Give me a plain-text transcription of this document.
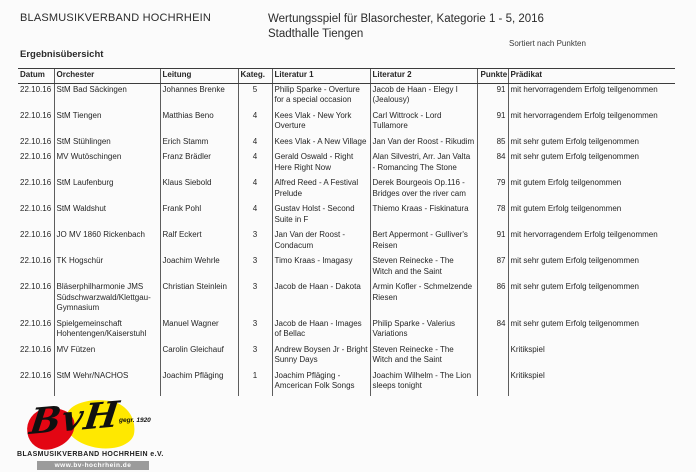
BLASMUSIKVERBAND HOCHRHEIN	Wertungsspiel für Blasorchester, Kategorie 1 - 5, 2016
Stadthalle Tiengen
Sortiert nach Punkten
Ergebnisübersicht
Datum	Orchester	Leitung	Kateg.	Literatur 1	Literatur 2	Punkte	Prädikat
22.10.16	StM Bad Säckingen	Johannes Brenke	5	Philip Sparke - Overture for a special occasion	Jacob de Haan - Elegy I (Jealousy)	91	mit hervorragendem Erfolg teilgenommen
22.10.16	StM Tiengen	Matthias Beno	4	Kees Vlak - New York Overture	Carl Wittrock - Lord Tullamore	91	mit hervorragendem Erfolg teilgenommen
22.10.16	StM Stühlingen	Erich Stamm	4	Kees Vlak - A New Village	Jan Van der Roost - Rikudim	85	mit sehr gutem Erfolg teilgenommen
22.10.16	MV Wutöschingen	Franz Brädler	4	Gerald Oswald - Right Here Right Now	Alan Silvestri, Arr. Jan Valta - Romancing The Stone	84	mit sehr gutem Erfolg teilgenommen
22.10.16	StM Laufenburg	Klaus Siebold	4	Alfred Reed - A Festival Prelude	Derek Bourgeois Op.116 - Bridges over the river cam	79	mit gutem Erfolg teilgenommen
22.10.16	StM Waldshut	Frank Pohl	4	Gustav Holst - Second Suite in F	Thiemo Kraas - Fiskinatura	78	mit gutem Erfolg teilgenommen
22.10.16	JO MV 1860 Rickenbach	Ralf Eckert	3	Jan Van der Roost - Condacum	Bert Appermont - Gulliver's Reisen	91	mit hervorragendem Erfolg teilgenommen
22.10.16	TK Hogschür	Joachim Wehrle	3	Timo Kraas - Imagasy	Steven Reinecke - The Witch and the Saint	87	mit sehr gutem Erfolg teilgenommen
22.10.16	Bläserphilharmonie JMS Südschwarzwald/Klettgau-Gymnasium	Christian Steinlein	3	Jacob de Haan - Dakota	Armin Kofler - Schmelzende Riesen	86	mit sehr gutem Erfolg teilgenommen
22.10.16	Spielgemeinschaft Hohentengen/Kaiserstuhl	Manuel Wagner	3	Jacob de Haan - Images of Bellac	Philip Sparke - Valerius Variations	84	mit sehr gutem Erfolg teilgenommen
22.10.16	MV Fützen	Carolin Gleichauf	3	Andrew Boysen Jr - Bright Sunny Days	Steven Reinecke - The Witch and the Saint		Kritikspiel
22.10.16	StM Wehr/NACHOS	Joachim Pfläging	1	Joachim Pfläging - Amcerican Folk Songs	Joachim Wilhelm - The Lion sleeps tonight		Kritikspiel
BvH
gegr. 1920
BLASMUSIKVERBAND HOCHRHEIN e.V.
www.bv-hochrhein.de
